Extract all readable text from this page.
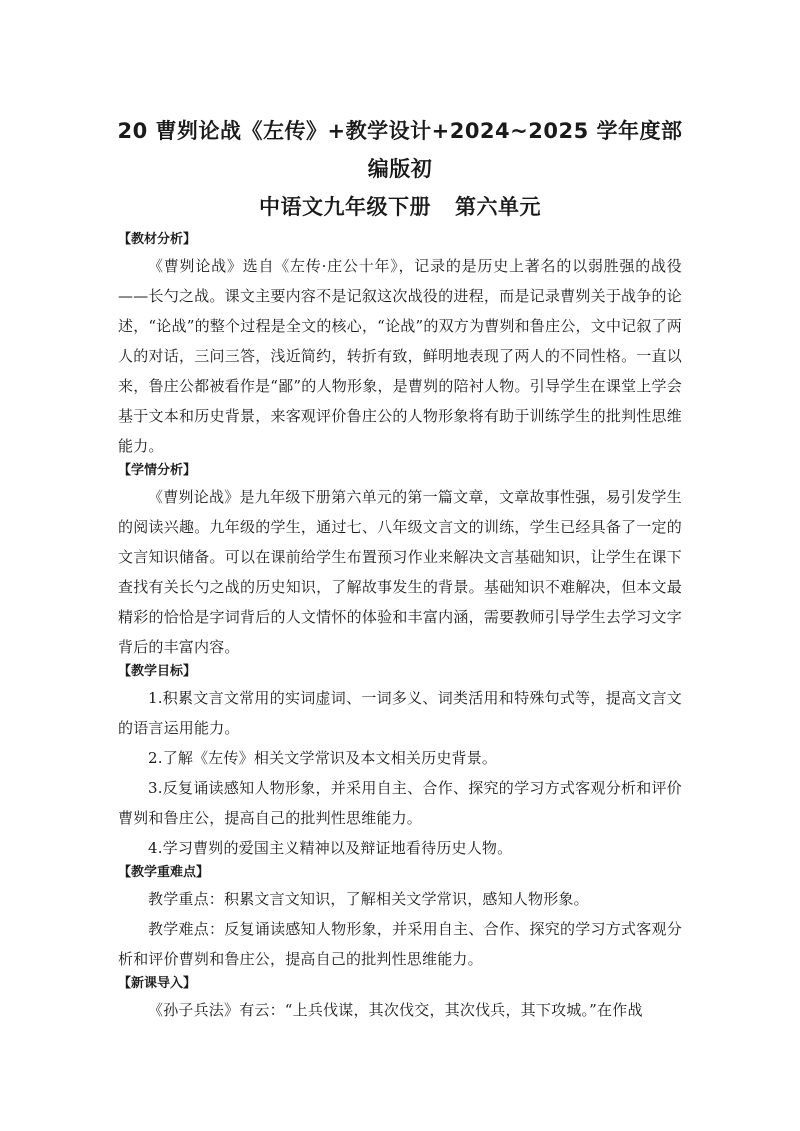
20 曹刿论战《左传》+教学设计+2024~2025 学年度部编版初
中语文九年级下册 第六单元

【教材分析】

《曹刿论战》选自《左传·庄公十年》，记录的是历史上著名的以弱胜强的战役——长勺之战。课文主要内容不是记叙这次战役的进程，而是记录曹刿关于战争的论述，“论战”的整个过程是全文的核心，“论战”的双方为曹刿和鲁庄公，文中记叙了两人的对话，三问三答，浅近简约，转折有致，鲜明地表现了两人的不同性格。一直以来，鲁庄公都被看作是“鄙”的人物形象，是曹刿的陪衬人物。引导学生在课堂上学会基于文本和历史背景，来客观评价鲁庄公的人物形象将有助于训练学生的批判性思维能力。

【学情分析】

《曹刿论战》是九年级下册第六单元的第一篇文章，文章故事性强，易引发学生的阅读兴趣。九年级的学生，通过七、八年级文言文的训练，学生已经具备了一定的文言知识储备。可以在课前给学生布置预习作业来解决文言基础知识，让学生在课下查找有关长勺之战的历史知识，了解故事发生的背景。基础知识不难解决，但本文最精彩的恰恰是字词背后的人文情怀的体验和丰富内涵，需要教师引导学生去学习文字背后的丰富内容。

【教学目标】

1.积累文言文常用的实词虚词、一词多义、词类活用和特殊句式等，提高文言文的语言运用能力。

2.了解《左传》相关文学常识及本文相关历史背景。

3.反复诵读感知人物形象，并采用自主、合作、探究的学习方式客观分析和评价曹刿和鲁庄公，提高自己的批判性思维能力。

4.学习曹刿的爱国主义精神以及辩证地看待历史人物。

【教学重难点】

教学重点：积累文言文知识，了解相关文学常识，感知人物形象。

教学难点：反复诵读感知人物形象，并采用自主、合作、探究的学习方式客观分析和评价曹刿和鲁庄公，提高自己的批判性思维能力。

【新课导入】

《孙子兵法》有云：“上兵伐谋，其次伐交，其次伐兵，其下攻城。”在作战
